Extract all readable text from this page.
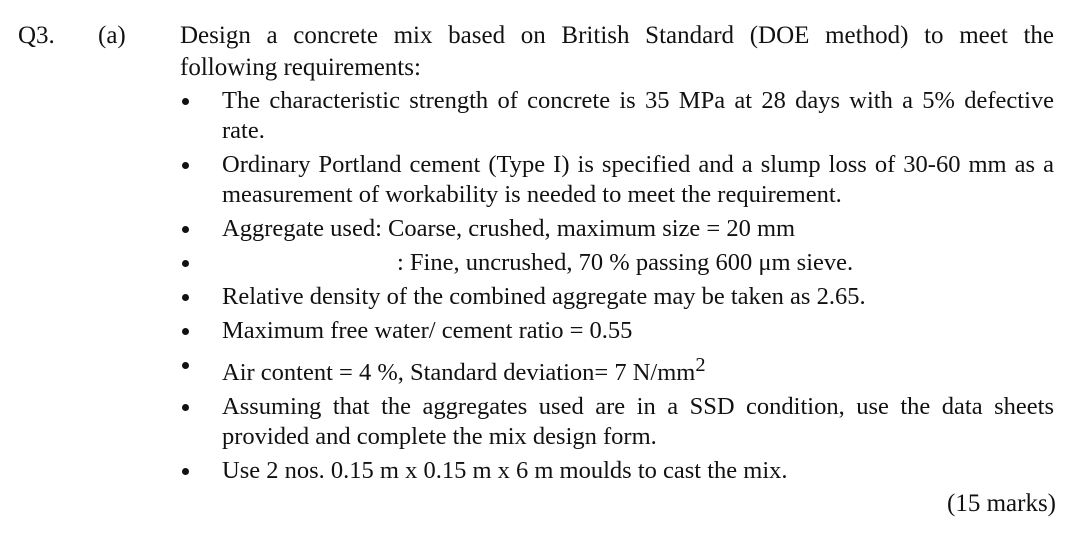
Q3. (a) Design a concrete mix based on British Standard (DOE method) to meet the
following requirements:
The characteristic strength of concrete is 35 MPa at 28 days with a 5% defective rate.
Ordinary Portland cement (Type I) is specified and a slump loss of 30-60 mm as a measurement of workability is needed to meet the requirement.
Aggregate used: Coarse, crushed, maximum size = 20 mm
: Fine, uncrushed, 70 % passing 600 μm sieve.
Relative density of the combined aggregate may be taken as 2.65.
Maximum free water/ cement ratio = 0.55
Air content = 4 %, Standard deviation= 7 $N/mm^2$
Assuming that the aggregates used are in a SSD condition, use the data sheets provided and complete the mix design form.
Use 2 nos. 0.15 m x 0.15 m x 6 m moulds to cast the mix.
(15 marks)
